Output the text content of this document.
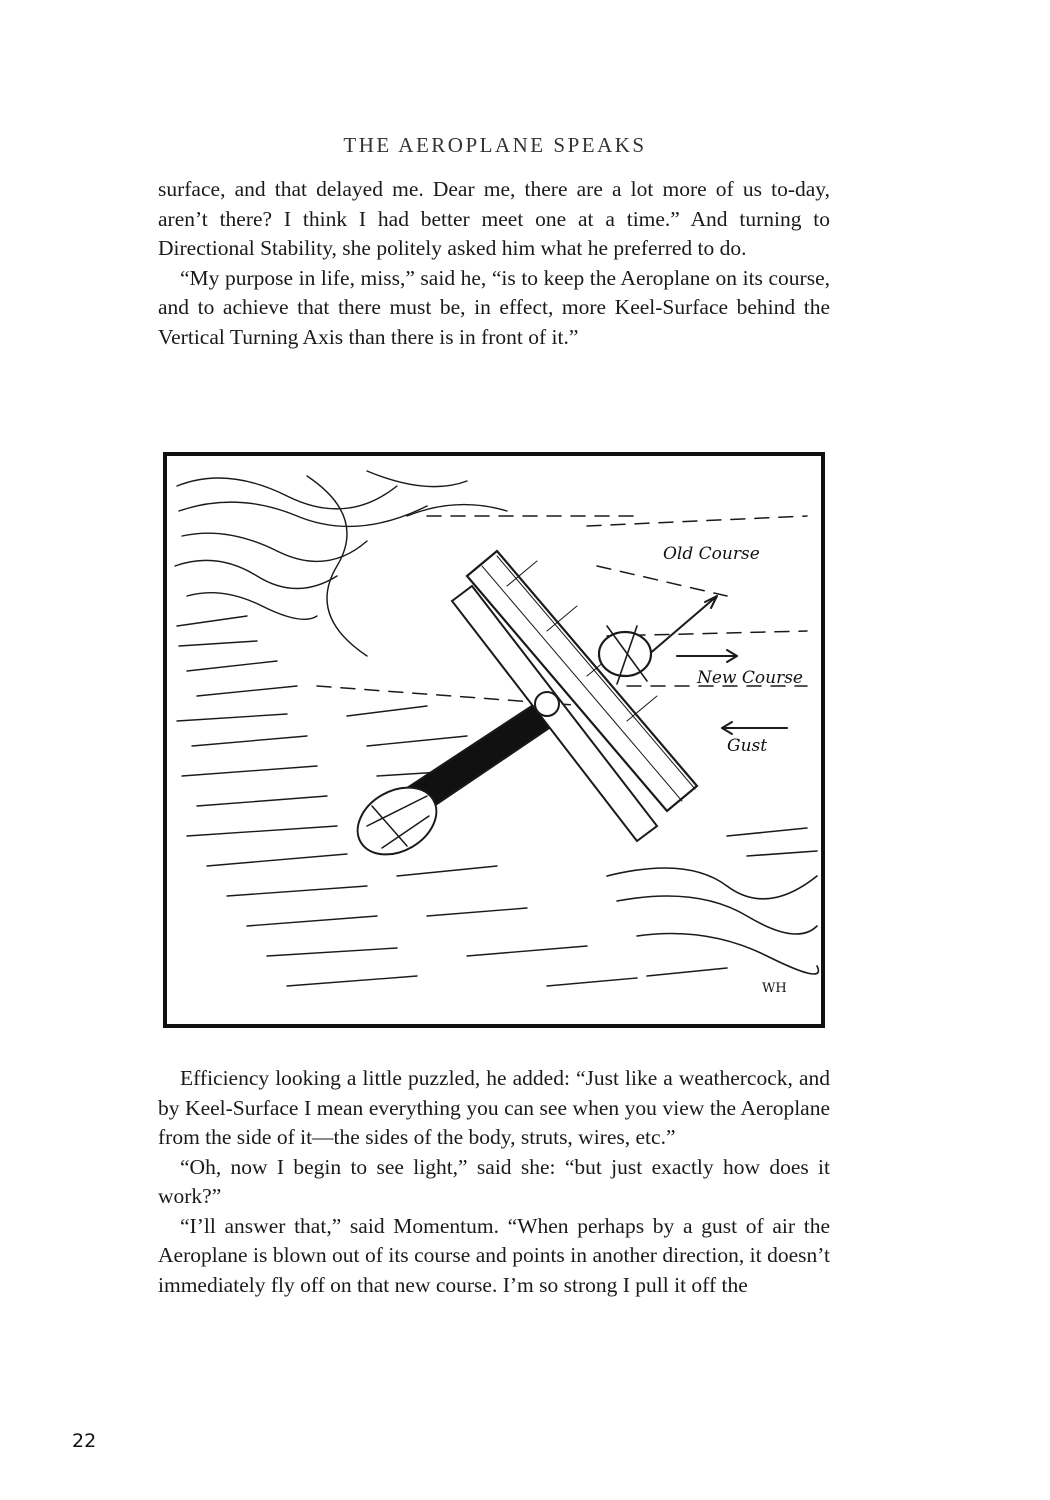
THE AEROPLANE SPEAKS

surface, and that delayed me. Dear me, there are a lot more of us to-day, aren’t there? I think I had better meet one at a time.” And turning to Directional Stability, she politely asked him what he preferred to do.

“My purpose in life, miss,” said he, “is to keep the Aeroplane on its course, and to achieve that there must be, in effect, more Keel-Surface behind the Vertical Turning Axis than there is in front of it.”

Old Course
New Course
Gust
WH

Efficiency looking a little puzzled, he added: “Just like a weathercock, and by Keel-Surface I mean everything you can see when you view the Aeroplane from the side of it—the sides of the body, struts, wires, etc.”

“Oh, now I begin to see light,” said she: “but just exactly how does it work?”

“I’ll answer that,” said Momentum. “When perhaps by a gust of air the Aeroplane is blown out of its course and points in another direction, it doesn’t immediately fly off on that new course. I’m so strong I pull it off the

22
